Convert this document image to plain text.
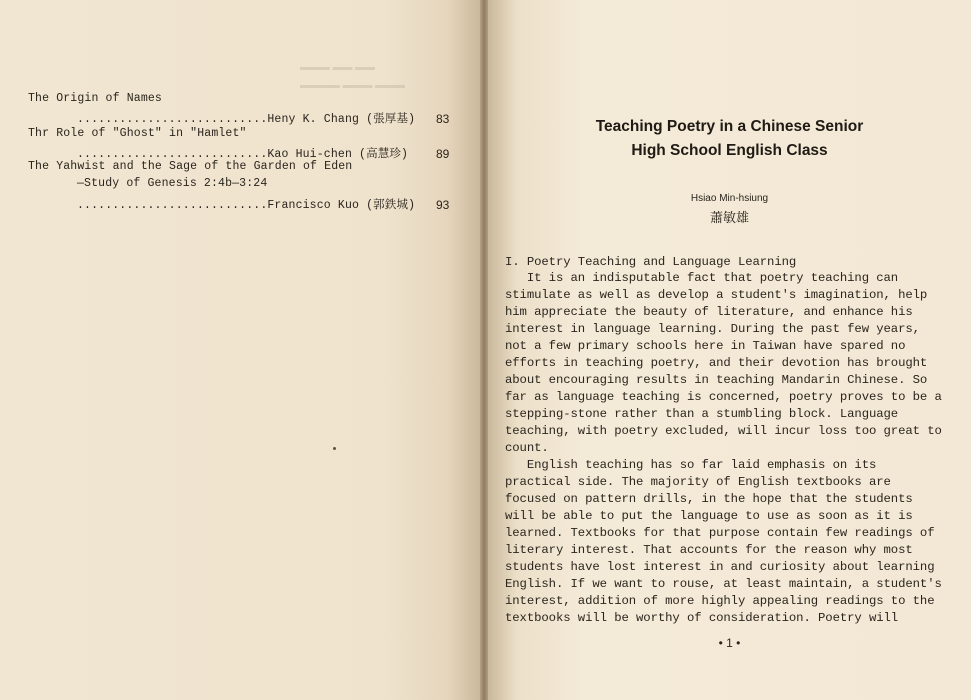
▬▬▬ ▬▬ ▬▬
▬▬▬▬ ▬▬▬ ▬▬▬
The Origin of Names
...........................Heny K. Chang (張厚基) 83
Thr Role of "Ghost" in "Hamlet"
...........................Kao Hui-chen (高慧珍) 89
The Yahwist and the Sage of the Garden of Eden
—Study of Genesis 2:4b—3:24
...........................Francisco Kuo (郭鉄城) 93
Teaching Poetry in a Chinese Senior
High School English Class
Hsiao Min-hsiung
蕭敏雄
I. Poetry Teaching and Language Learning
It is an indisputable fact that poetry teaching can
stimulate as well as develop a student's imagination, help
him appreciate the beauty of literature, and enhance his
interest in language learning. During the past few years,
not a few primary schools here in Taiwan have spared no
efforts in teaching poetry, and their devotion has brought
about encouraging results in teaching Mandarin Chinese. So
far as language teaching is concerned, poetry proves to be a
stepping-stone rather than a stumbling block. Language
teaching, with poetry excluded, will incur loss too great to
count.
English teaching has so far laid emphasis on its
practical side. The majority of English textbooks are
focused on pattern drills, in the hope that the students
will be able to put the language to use as soon as it is
learned. Textbooks for that purpose contain few readings of
literary interest. That accounts for the reason why most
students have lost interest in and curiosity about learning
English. If we want to rouse, at least maintain, a student's
interest, addition of more highly appealing readings to the
textbooks will be worthy of consideration. Poetry will
• 1 •
